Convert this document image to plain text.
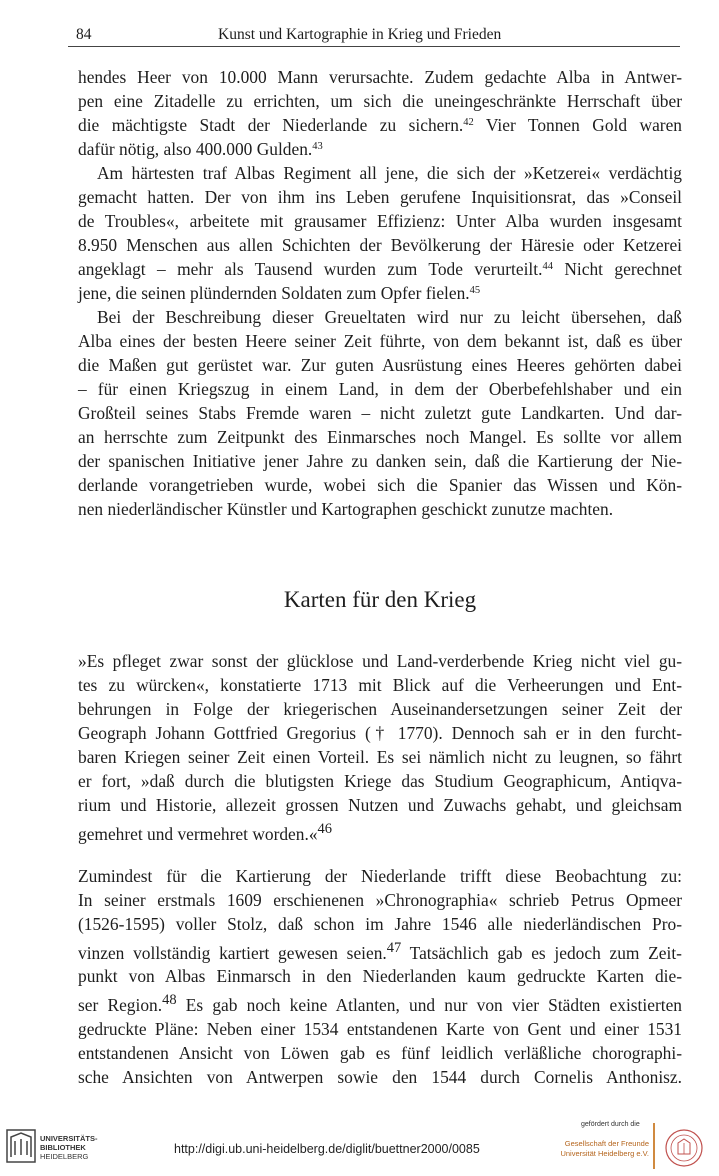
84	Kunst und Kartographie in Krieg und Frieden

hendes Heer von 10.000 Mann verursachte. Zudem gedachte Alba in Antwer-
pen eine Zitadelle zu errichten, um sich die uneingeschränkte Herrschaft über
die mächtigste Stadt der Niederlande zu sichern.$^{42}$ Vier Tonnen Gold waren
dafür nötig, also 400.000 Gulden.$^{43}$

Am härtesten traf Albas Regiment all jene, die sich der »Ketzerei« verdächtig
gemacht hatten. Der von ihm ins Leben gerufene Inquisitionsrat, das »Conseil
de Troubles«, arbeitete mit grausamer Effizienz: Unter Alba wurden insgesamt
8.950 Menschen aus allen Schichten der Bevölkerung der Häresie oder Ketzerei
angeklagt – mehr als Tausend wurden zum Tode verurteilt.$^{44}$ Nicht gerechnet
jene, die seinen plündernden Soldaten zum Opfer fielen.$^{45}$

Bei der Beschreibung dieser Greueltaten wird nur zu leicht übersehen, daß
Alba eines der besten Heere seiner Zeit führte, von dem bekannt ist, daß es über
die Maßen gut gerüstet war. Zur guten Ausrüstung eines Heeres gehörten dabei
– für einen Kriegszug in einem Land, in dem der Oberbefehlshaber und ein
Großteil seines Stabs Fremde waren – nicht zuletzt gute Landkarten. Und dar-
an herrschte zum Zeitpunkt des Einmarsches noch Mangel. Es sollte vor allem
der spanischen Initiative jener Jahre zu danken sein, daß die Kartierung der Nie-
derlande vorangetrieben wurde, wobei sich die Spanier das Wissen und Kön-
nen niederländischer Künstler und Kartographen geschickt zunutze machten.

Karten für den Krieg

»Es pfleget zwar sonst der glücklose und Land-verderbende Krieg nicht viel gu-
tes zu würcken«, konstatierte 1713 mit Blick auf die Verheerungen und Ent-
behrungen in Folge der kriegerischen Auseinandersetzungen seiner Zeit der
Geograph Johann Gottfried Gregorius († 1770). Dennoch sah er in den furcht-
baren Kriegen seiner Zeit einen Vorteil. Es sei nämlich nicht zu leugnen, so fährt
er fort, »daß durch die blutigsten Kriege das Studium Geographicum, Antiqva-
rium und Historie, allezeit grossen Nutzen und Zuwachs gehabt, und gleichsam
gemehret und vermehret worden.«$^{46}$

Zumindest für die Kartierung der Niederlande trifft diese Beobachtung zu:
In seiner erstmals 1609 erschienenen »Chronographia« schrieb Petrus Opmeer
(1526-1595) voller Stolz, daß schon im Jahre 1546 alle niederländischen Pro-
vinzen vollständig kartiert gewesen seien.$^{47}$ Tatsächlich gab es jedoch zum Zeit-
punkt von Albas Einmarsch in den Niederlanden kaum gedruckte Karten die-
ser Region.$^{48}$ Es gab noch keine Atlanten, und nur von vier Städten existierten
gedruckte Pläne: Neben einer 1534 entstandenen Karte von Gent und einer 1531
entstandenen Ansicht von Löwen gab es fünf leidlich verläßliche chorographi-
sche Ansichten von Antwerpen sowie den 1544 durch Cornelis Anthonisz.

UNIVERSITÄTS-
BIBLIOTHEK
HEIDELBERG
http://digi.ub.uni-heidelberg.de/diglit/buettner2000/0085
gefördert durch die
Gesellschaft der Freunde
Universität Heidelberg e.V.
